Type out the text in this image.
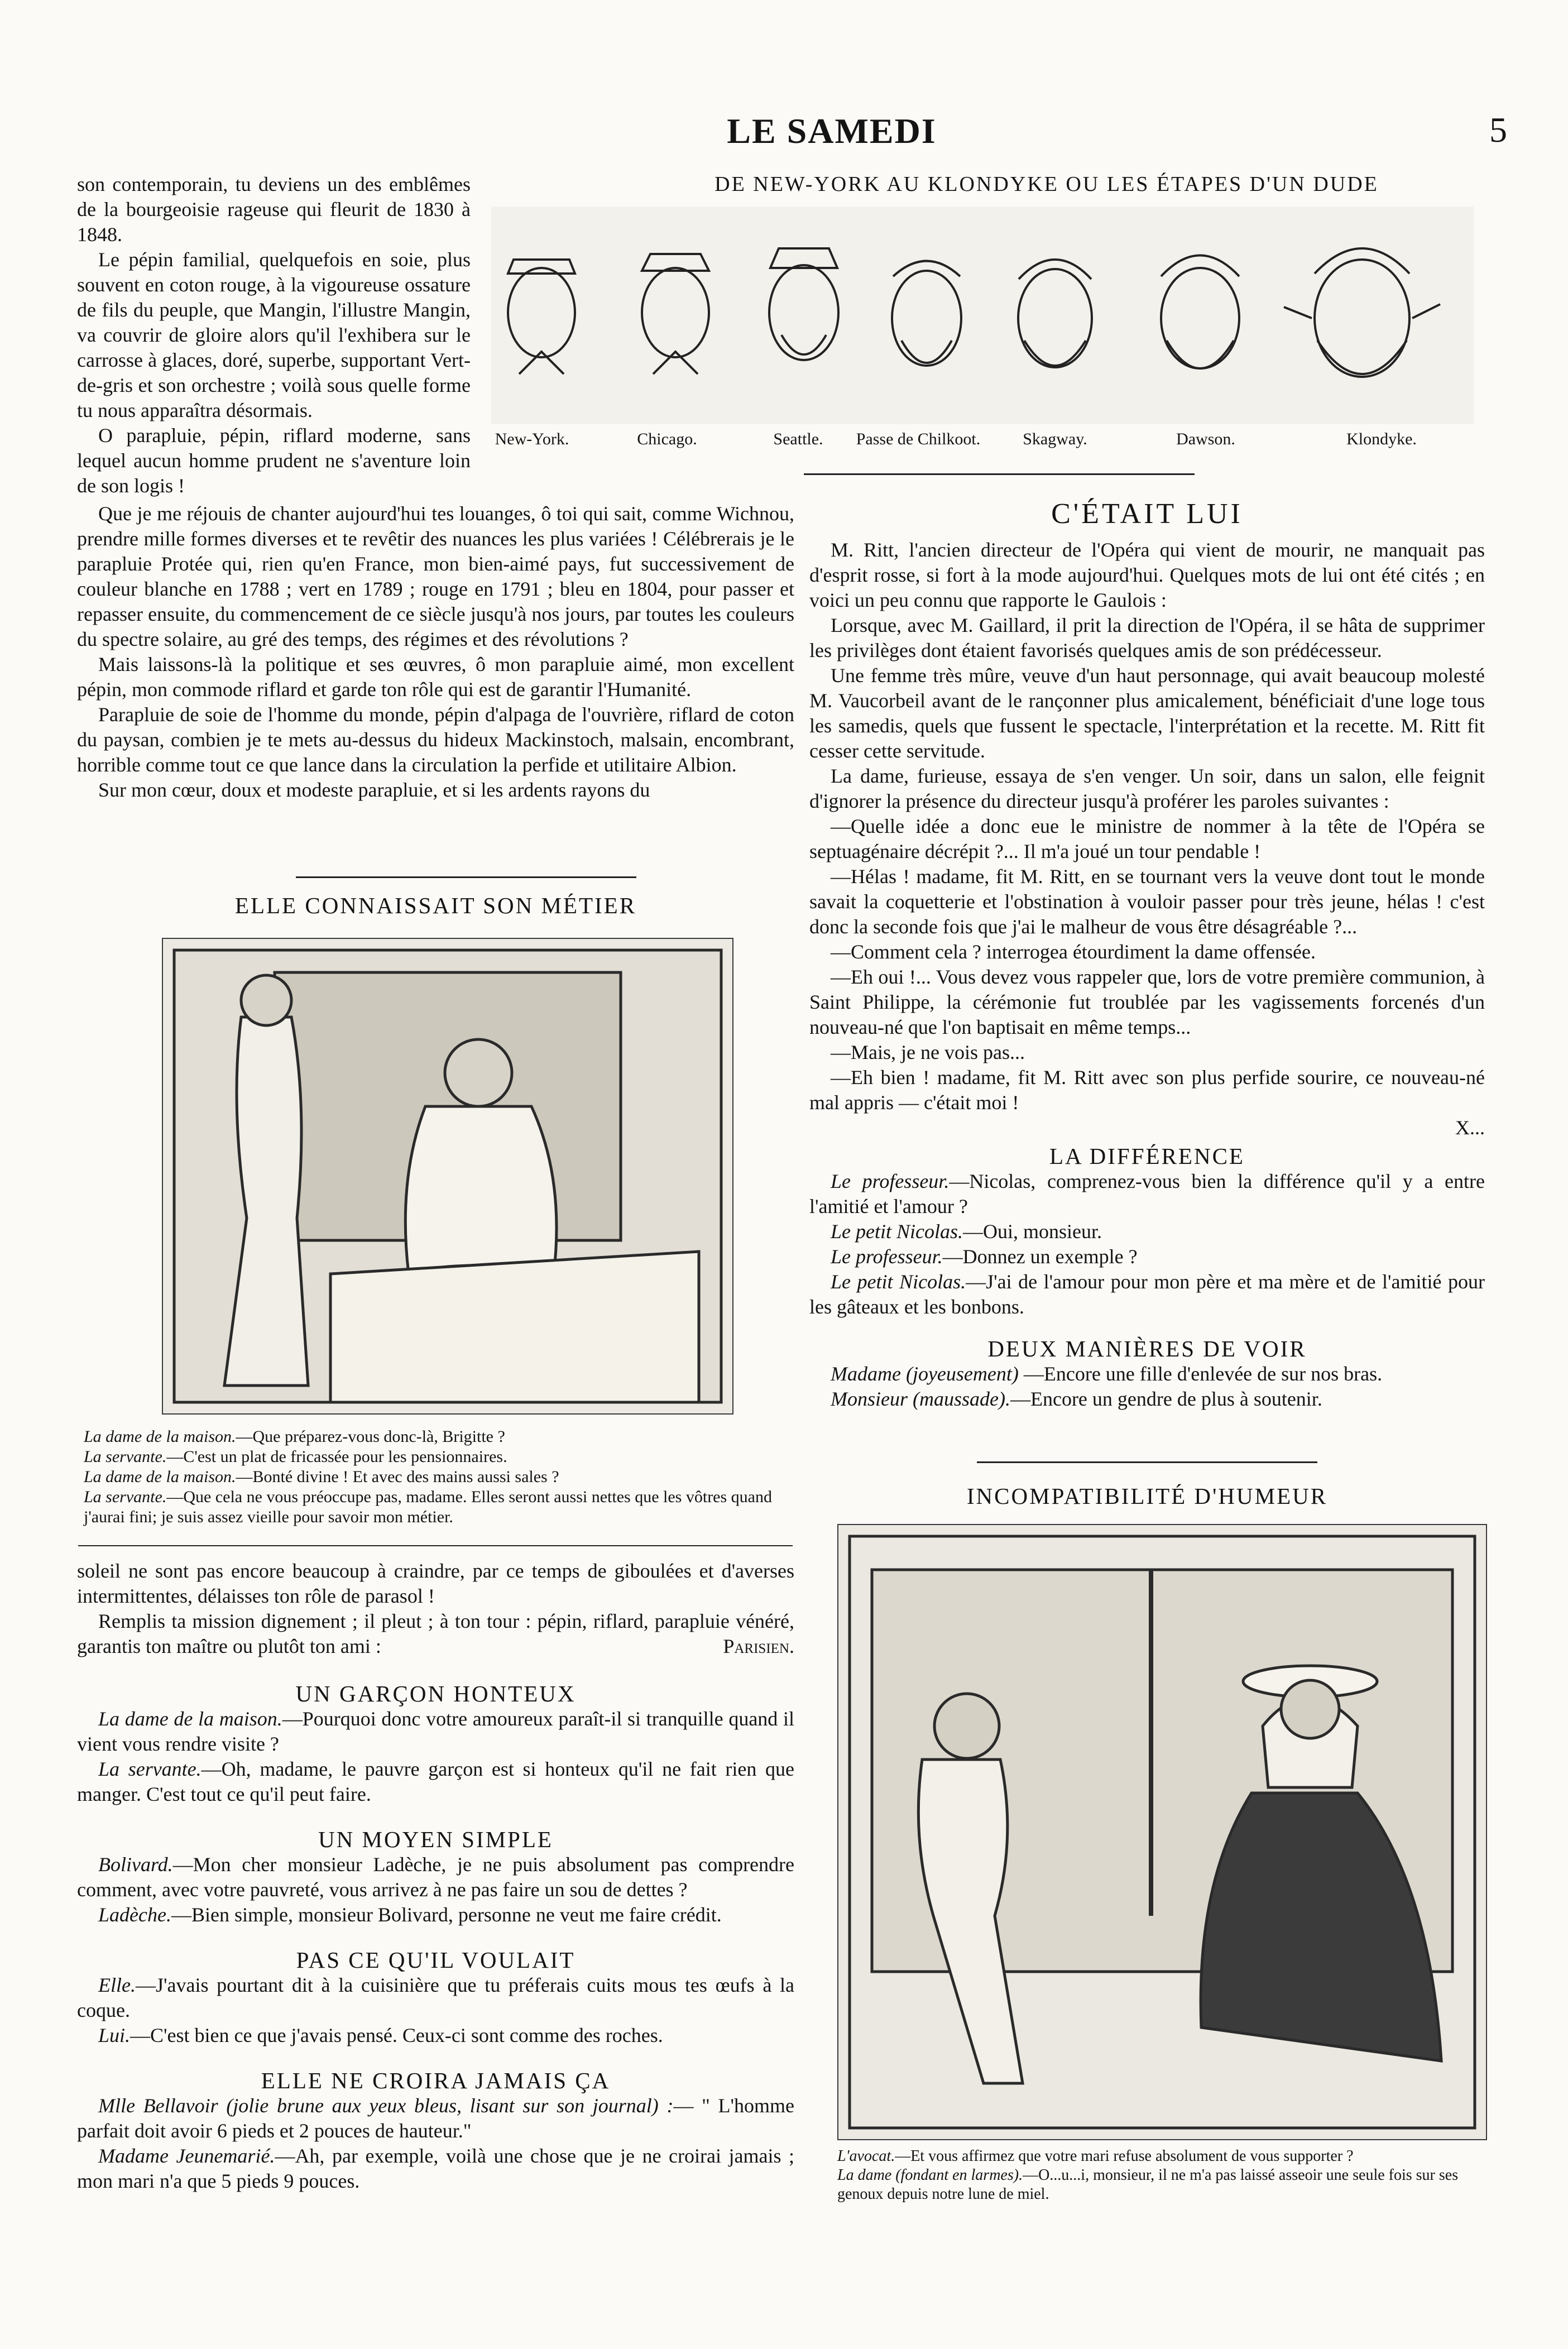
LE SAMEDI	5

son contemporain, tu deviens un des emblêmes de la bourgeoisie rageuse qui fleurit de 1830 à 1848.

Le pépin familial, quelquefois en soie, plus souvent en coton rouge, à la vigoureuse ossature de fils du peuple, que Mangin, l'illustre Mangin, va couvrir de gloire alors qu'il l'exhibera sur le carrosse à glaces, doré, superbe, supportant Vert-de-gris et son orchestre ; voilà sous quelle forme tu nous apparaîtra désormais.

O parapluie, pépin, riflard moderne, sans lequel aucun homme prudent ne s'aventure loin de son logis !

DE NEW-YORK AU KLONDYKE OU LES ÉTAPES D'UN DUDE
New-York.	Chicago.	Seattle.	Passe de Chilkoot.	Skagway.	Dawson.	Klondyke.

Que je me réjouis de chanter aujourd'hui tes louanges, ô toi qui sait, comme Wichnou, prendre mille formes diverses et te revêtir des nuances les plus variées ! Célébrerais je le parapluie Protée qui, rien qu'en France, mon bien-aimé pays, fut successivement de couleur blanche en 1788 ; vert en 1789 ; rouge en 1791 ; bleu en 1804, pour passer et repasser ensuite, du commencement de ce siècle jusqu'à nos jours, par toutes les couleurs du spectre solaire, au gré des temps, des régimes et des révolutions ?

Mais laissons-là la politique et ses œuvres, ô mon parapluie aimé, mon excellent pépin, mon commode riflard et garde ton rôle qui est de garantir l'Humanité.

Parapluie de soie de l'homme du monde, pépin d'alpaga de l'ouvrière, riflard de coton du paysan, combien je te mets au-dessus du hideux Mackinstoch, malsain, encombrant, horrible comme tout ce que lance dans la circulation la perfide et utilitaire Albion.

Sur mon cœur, doux et modeste parapluie, et si les ardents rayons du

ELLE CONNAISSAIT SON MÉTIER

La dame de la maison.—Que préparez-vous donc-là, Brigitte ?

La servante.—C'est un plat de fricassée pour les pensionnaires.

La dame de la maison.—Bonté divine ! Et avec des mains aussi sales ?

La servante.—Que cela ne vous préoccupe pas, madame. Elles seront aussi nettes que les vôtres quand j'aurai fini; je suis assez vieille pour savoir mon métier.

soleil ne sont pas encore beaucoup à craindre, par ce temps de giboulées et d'averses intermittentes, délaisses ton rôle de parasol !

Remplis ta mission dignement ; il pleut ; à ton tour : pépin, riflard, parapluie vénéré, garantis ton maître ou plutôt ton ami :	Parisien.

UN GARÇON HONTEUX

La dame de la maison.—Pourquoi donc votre amoureux paraît-il si tranquille quand il vient vous rendre visite ?

La servante.—Oh, madame, le pauvre garçon est si honteux qu'il ne fait rien que manger. C'est tout ce qu'il peut faire.

UN MOYEN SIMPLE

Bolivard.—Mon cher monsieur Ladèche, je ne puis absolument pas comprendre comment, avec votre pauvreté, vous arrivez à ne pas faire un sou de dettes ?

Ladèche.—Bien simple, monsieur Bolivard, personne ne veut me faire crédit.

PAS CE QU'IL VOULAIT

Elle.—J'avais pourtant dit à la cuisinière que tu préferais cuits mous tes œufs à la coque.

Lui.—C'est bien ce que j'avais pensé. Ceux-ci sont comme des roches.

ELLE NE CROIRA JAMAIS ÇA

Mlle Bellavoir (jolie brune aux yeux bleus, lisant sur son journal) :— " L'homme parfait doit avoir 6 pieds et 2 pouces de hauteur."

Madame Jeunemarié.—Ah, par exemple, voilà une chose que je ne croirai jamais ; mon mari n'a que 5 pieds 9 pouces.

C'ÉTAIT LUI

M. Ritt, l'ancien directeur de l'Opéra qui vient de mourir, ne manquait pas d'esprit rosse, si fort à la mode aujourd'hui. Quelques mots de lui ont été cités ; en voici un peu connu que rapporte le Gaulois :

Lorsque, avec M. Gaillard, il prit la direction de l'Opéra, il se hâta de supprimer les privilèges dont étaient favorisés quelques amis de son prédécesseur.

Une femme très mûre, veuve d'un haut personnage, qui avait beaucoup molesté M. Vaucorbeil avant de le rançonner plus amicalement, bénéficiait d'une loge tous les samedis, quels que fussent le spectacle, l'interprétation et la recette. M. Ritt fit cesser cette servitude.

La dame, furieuse, essaya de s'en venger. Un soir, dans un salon, elle feignit d'ignorer la présence du directeur jusqu'à proférer les paroles suivantes :

—Quelle idée a donc eue le ministre de nommer à la tête de l'Opéra se septuagénaire décrépit ?... Il m'a joué un tour pendable !

—Hélas ! madame, fit M. Ritt, en se tournant vers la veuve dont tout le monde savait la coquetterie et l'obstination à vouloir passer pour très jeune, hélas ! c'est donc la seconde fois que j'ai le malheur de vous être désagréable ?...

—Comment cela ? interrogea étourdiment la dame offensée.

—Eh oui !... Vous devez vous rappeler que, lors de votre première communion, à Saint Philippe, la cérémonie fut troublée par les vagissements forcenés d'un nouveau-né que l'on baptisait en même temps...

—Mais, je ne vois pas...

—Eh bien ! madame, fit M. Ritt avec son plus perfide sourire, ce nouveau-né mal appris — c'était moi !

X...

LA DIFFÉRENCE

Le professeur.—Nicolas, comprenez-vous bien la différence qu'il y a entre l'amitié et l'amour ?

Le petit Nicolas.—Oui, monsieur.

Le professeur.—Donnez un exemple ?

Le petit Nicolas.—J'ai de l'amour pour mon père et ma mère et de l'amitié pour les gâteaux et les bonbons.

DEUX MANIÈRES DE VOIR

Madame (joyeusement) —Encore une fille d'enlevée de sur nos bras.

Monsieur (maussade).—Encore un gendre de plus à soutenir.

INCOMPATIBILITÉ D'HUMEUR

L'avocat.—Et vous affirmez que votre mari refuse absolument de vous supporter ?

La dame (fondant en larmes).—O...u...i, monsieur, il ne m'a pas laissé asseoir une seule fois sur ses genoux depuis notre lune de miel.
